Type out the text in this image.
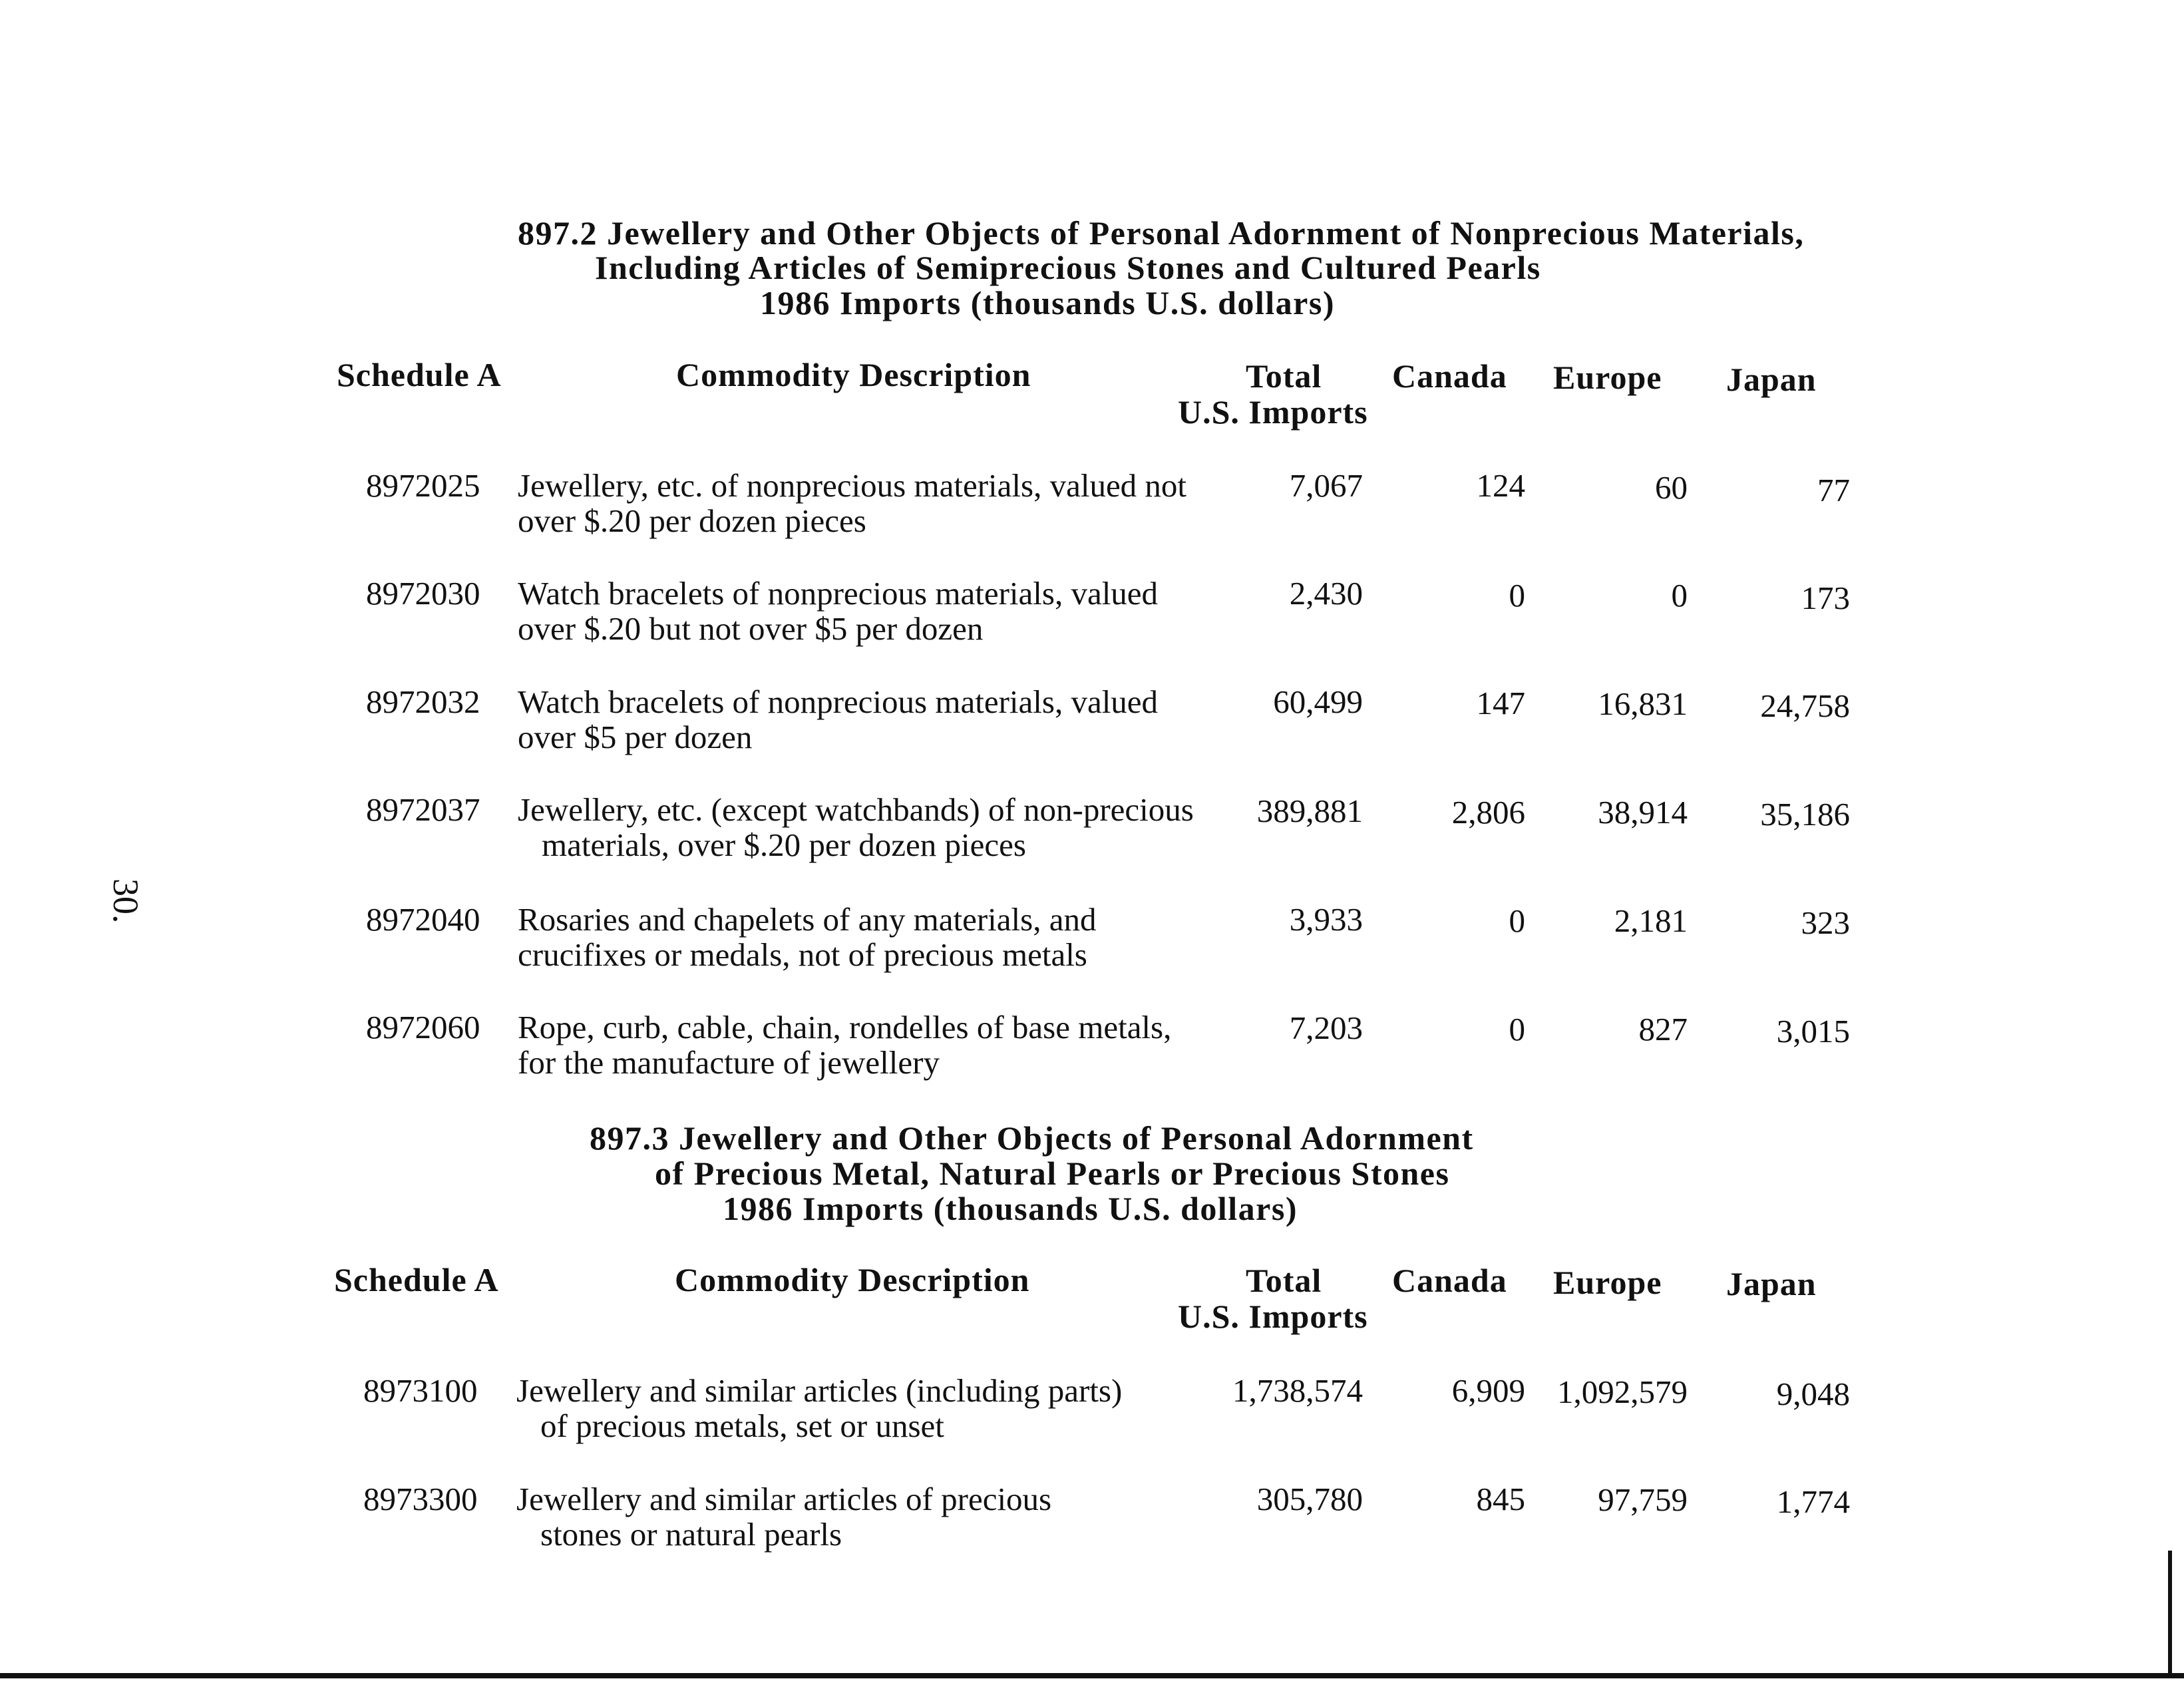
30.
897.2 Jewellery and Other Objects of Personal Adornment of Nonprecious Materials,
Including Articles of Semiprecious Stones and Cultured Pearls
1986 Imports (thousands U.S. dollars)
Schedule A	Commodity Description	Total
U.S. Imports
Canada Europe Japan
8972025 Jewellery, etc. of nonprecious materials, valued not
over $.20 per dozen pieces
7,067	124	60	77
8972030 Watch bracelets of nonprecious materials, valued
over $.20 but not over $5 per dozen
2,430	0	0	173
8972032 Watch bracelets of nonprecious materials, valued
over $5 per dozen
60,499	147	16,831	24,758
8972037 Jewellery, etc. (except watchbands) of non-precious
materials, over $.20 per dozen pieces
389,881	2,806	38,914	35,186
8972040 Rosaries and chapelets of any materials, and
crucifixes or medals, not of precious metals
3,933	0	2,181	323
8972060 Rope, curb, cable, chain, rondelles of base metals,
for the manufacture of jewellery
7,203	0	827	3,015
897.3 Jewellery and Other Objects of Personal Adornment
of Precious Metal, Natural Pearls or Precious Stones
1986 Imports (thousands U.S. dollars)
Schedule A	Commodity Description	Total
U.S. Imports
Canada Europe Japan
8973100 Jewellery and similar articles (including parts)
of precious metals, set or unset
1,738,574	6,909 1,092,579	9,048
8973300 Jewellery and similar articles of precious
stones or natural pearls
305,780	845	97,759	1,774
